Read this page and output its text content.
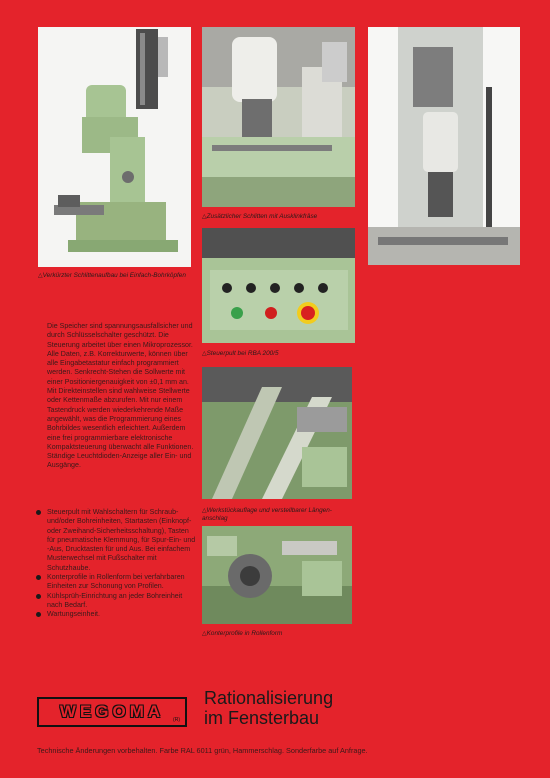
△ Verkürzter Schlittenaufbau bei Einfach-Bohrköpfen
△ Zusätzlicher Schlitten mit Ausklinkfräse
△ Steuerpult bei RBA 200/5
△ Werkstückauflage und verstellbarer Längen-anschlag
△ Konterprofile in Rollenform

Die Speicher sind spannungsausfallsicher und durch Schlüsselschalter geschützt. Die Steuerung arbeitet über einen Mikroprozessor. Alle Daten, z.B. Korrekturwerte, können über alle Eingabetastatur einfach programmiert werden. Senkrecht-Stehen die Sollwerte mit einer Positioniergenauigkeit von ±0,1 mm an. Mit Direkteinstellen sind wahlweise Stellwerte oder Kettenmaße abzurufen. Mit nur einem Tastendruck werden wiederkehrende Maße angewählt, was die Programmierung eines Bohrbildes wesentlich erleichtert. Außerdem eine frei programmierbare elektronische Kompaktsteuerung überwacht alle Funktionen. Ständige Leuchtdioden-Anzeige aller Ein- und Ausgänge.

Steuerpult mit Wahlschaltern für Schraub- und/oder Bohreinheiten, Startasten (Einknopf- oder Zweihand-Sicherheitsschaltung), Tasten für pneumatische Klemmung, für Spur-Ein- und -Aus, Drucktasten für und Aus. Bei einfachem Musterwechsel mit Fußschalter mit Schutzhaube.
Konterprofile in Rollenform bei verfahrbaren Einheiten zur Schonung von Profilen.
Kühlsprüh-Einrichtung an jeder Bohreinheit nach Bedarf.
Wartungseinheit.
WEGOMA (R)
Rationalisierung
im Fensterbau
Technische Änderungen vorbehalten. Farbe RAL 6011 grün, Hammerschlag. Sonderfarbe auf Anfrage.
